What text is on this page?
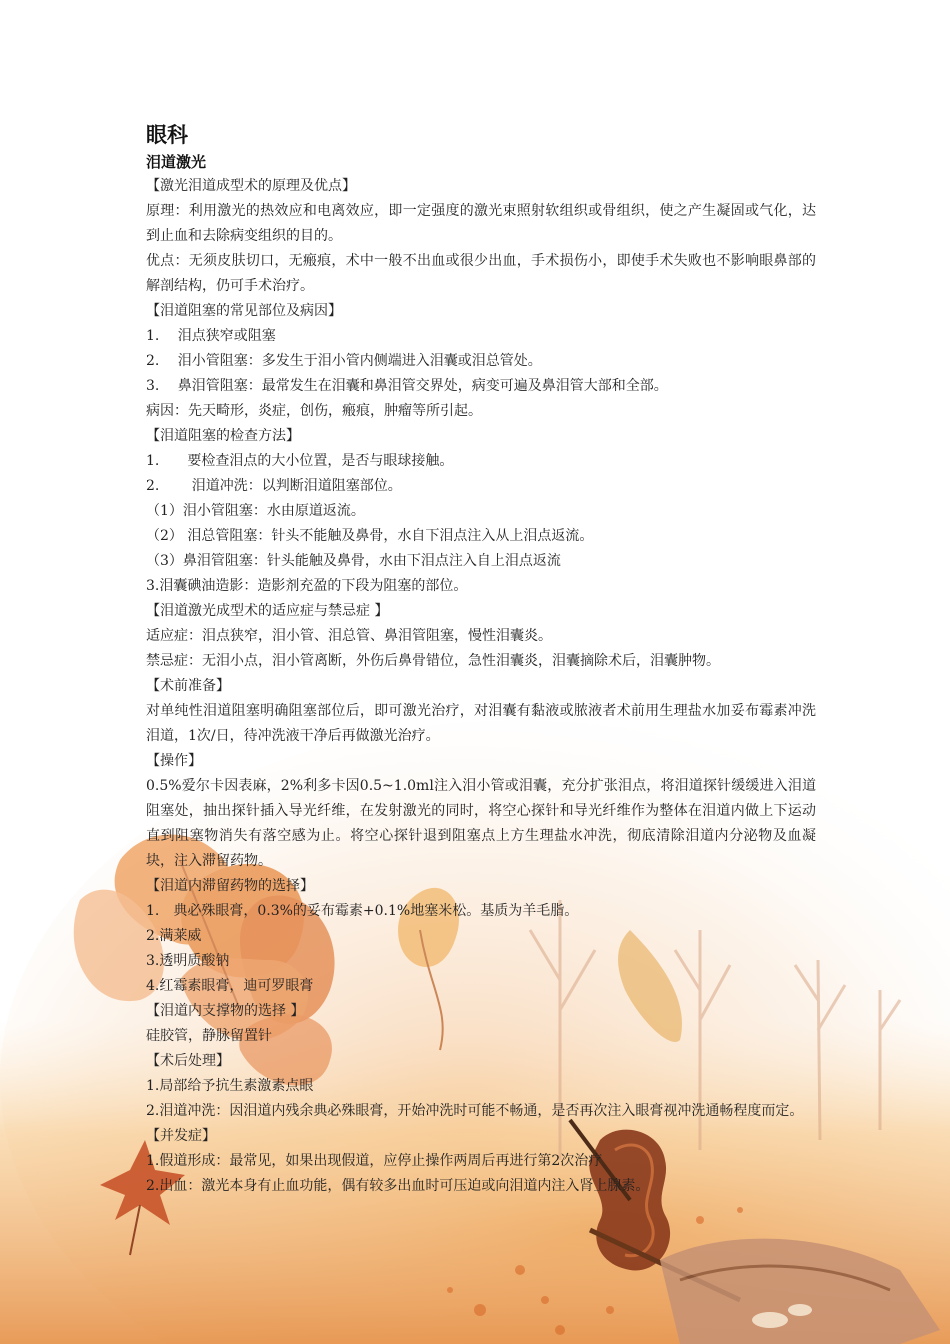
眼科
泪道激光
【激光泪道成型术的原理及优点】
原理：利用激光的热效应和电离效应，即一定强度的激光束照射软组织或骨组织，使之产生凝固或气化，达到止血和去除病变组织的目的。
优点：无须皮肤切口，无瘢痕，术中一般不出血或很少出血，手术损伤小，即使手术失败也不影响眼鼻部的解剖结构，仍可手术治疗。
【泪道阻塞的常见部位及病因】
1.　 泪点狭窄或阻塞
2.　 泪小管阻塞：多发生于泪小管内侧端进入泪囊或泪总管处。
3.　 鼻泪管阻塞：最常发生在泪囊和鼻泪管交界处，病变可遍及鼻泪管大部和全部。
病因：先天畸形，炎症，创伤，瘢痕，肿瘤等所引起。
【泪道阻塞的检查方法】
1.　　要检查泪点的大小位置，是否与眼球接触。
2.　　 泪道冲洗：以判断泪道阻塞部位。
（1）泪小管阻塞：水由原道返流。
（2） 泪总管阻塞：针头不能触及鼻骨，水自下泪点注入从上泪点返流。
（3）鼻泪管阻塞：针头能触及鼻骨，水由下泪点注入自上泪点返流
3.泪囊碘油造影：造影剂充盈的下段为阻塞的部位。
【泪道激光成型术的适应症与禁忌症 】
适应症：泪点狭窄，泪小管、泪总管、鼻泪管阻塞，慢性泪囊炎。
禁忌症：无泪小点，泪小管离断，外伤后鼻骨错位，急性泪囊炎，泪囊摘除术后，泪囊肿物。
【术前准备】
对单纯性泪道阻塞明确阻塞部位后，即可激光治疗，对泪囊有黏液或脓液者术前用生理盐水加妥布霉素冲洗泪道，1次/日，待冲洗液干净后再做激光治疗。
【操作】
0.5%爱尔卡因表麻，2%利多卡因0.5~1.0ml注入泪小管或泪囊，充分扩张泪点，将泪道探针缓缓进入泪道阻塞处，抽出探针插入导光纤维，在发射激光的同时，将空心探针和导光纤维作为整体在泪道内做上下运动直到阻塞物消失有落空感为止。将空心探针退到阻塞点上方生理盐水冲洗，彻底清除泪道内分泌物及血凝块，注入滞留药物。
【泪道内滞留药物的选择】
1.　典必殊眼膏，0.3%的妥布霉素+0.1%地塞米松。基质为羊毛脂。
2.满莱威
3.透明质酸钠
4.红霉素眼膏，迪可罗眼膏
【泪道内支撑物的选择 】
硅胶管，静脉留置针
【术后处理】
1.局部给予抗生素激素点眼
2.泪道冲洗：因泪道内残余典必殊眼膏，开始冲洗时可能不畅通，是否再次注入眼膏视冲洗通畅程度而定。
【并发症】
1.假道形成：最常见，如果出现假道，应停止操作两周后再进行第2次治疗
2.出血：激光本身有止血功能，偶有较多出血时可压迫或向泪道内注入肾上腺素。
